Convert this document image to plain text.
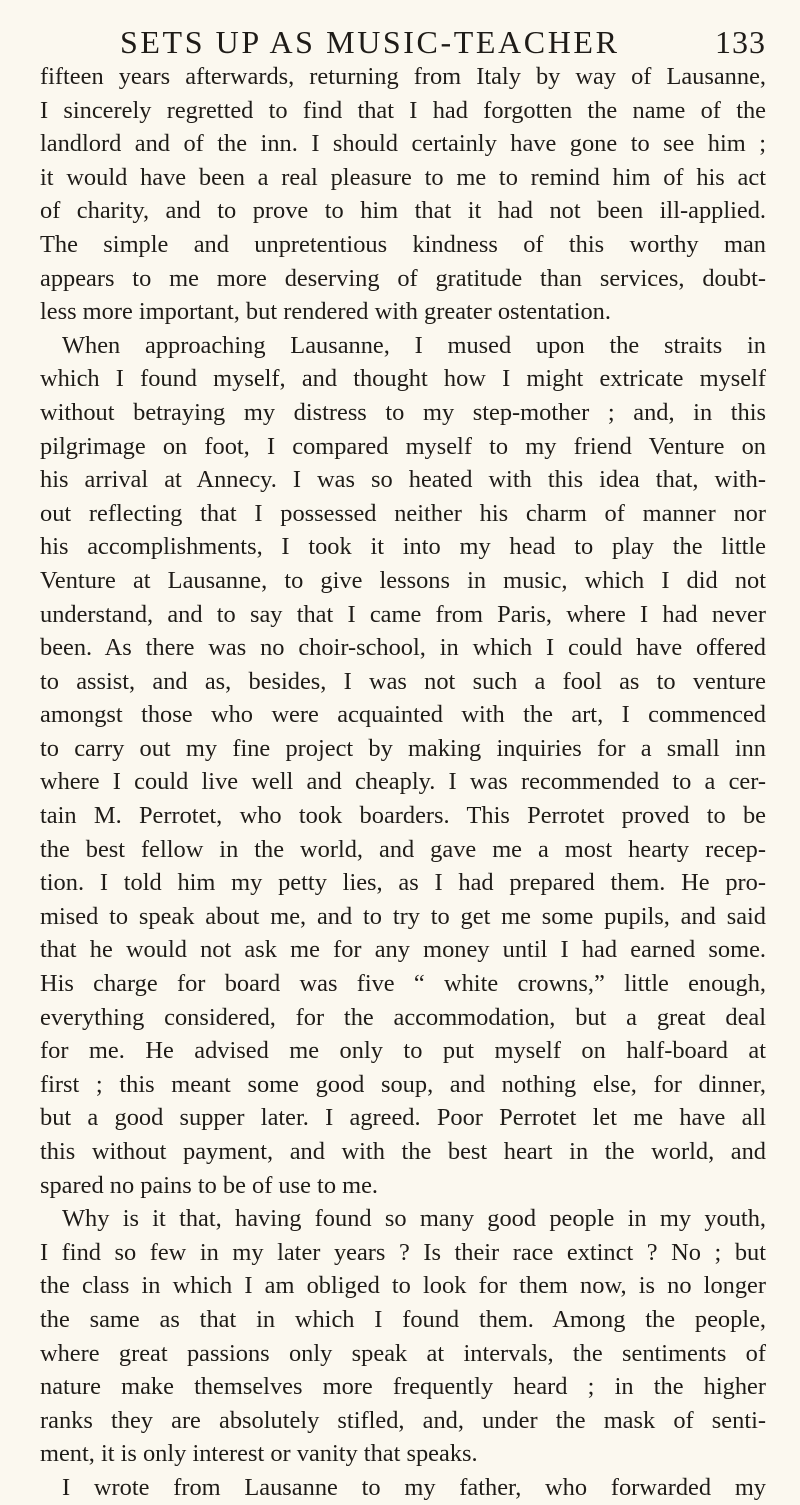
SETS UP AS MUSIC-TEACHER	133
fifteen years afterwards, returning from Italy by way of Lausanne,
I sincerely regretted to find that I had forgotten the name of the
landlord and of the inn. I should certainly have gone to see him ;
it would have been a real pleasure to me to remind him of his act
of charity, and to prove to him that it had not been ill-applied.
The simple and unpretentious kindness of this worthy man
appears to me more deserving of gratitude than services, doubt-
less more important, but rendered with greater ostentation.
When approaching Lausanne, I mused upon the straits in
which I found myself, and thought how I might extricate myself
without betraying my distress to my step-mother ; and, in this
pilgrimage on foot, I compared myself to my friend Venture on
his arrival at Annecy. I was so heated with this idea that, with-
out reflecting that I possessed neither his charm of manner nor
his accomplishments, I took it into my head to play the little
Venture at Lausanne, to give lessons in music, which I did not
understand, and to say that I came from Paris, where I had never
been. As there was no choir-school, in which I could have offered
to assist, and as, besides, I was not such a fool as to venture
amongst those who were acquainted with the art, I commenced
to carry out my fine project by making inquiries for a small inn
where I could live well and cheaply. I was recommended to a cer-
tain M. Perrotet, who took boarders. This Perrotet proved to be
the best fellow in the world, and gave me a most hearty recep-
tion. I told him my petty lies, as I had prepared them. He pro-
mised to speak about me, and to try to get me some pupils, and said
that he would not ask me for any money until I had earned some.
His charge for board was five “ white crowns,” little enough,
everything considered, for the accommodation, but a great deal
for me. He advised me only to put myself on half-board at
first ; this meant some good soup, and nothing else, for dinner,
but a good supper later. I agreed. Poor Perrotet let me have all
this without payment, and with the best heart in the world, and
spared no pains to be of use to me.
Why is it that, having found so many good people in my youth,
I find so few in my later years ? Is their race extinct ? No ; but
the class in which I am obliged to look for them now, is no longer
the same as that in which I found them. Among the people,
where great passions only speak at intervals, the sentiments of
nature make themselves more frequently heard ; in the higher
ranks they are absolutely stifled, and, under the mask of senti-
ment, it is only interest or vanity that speaks.
I wrote from Lausanne to my father, who forwarded my
